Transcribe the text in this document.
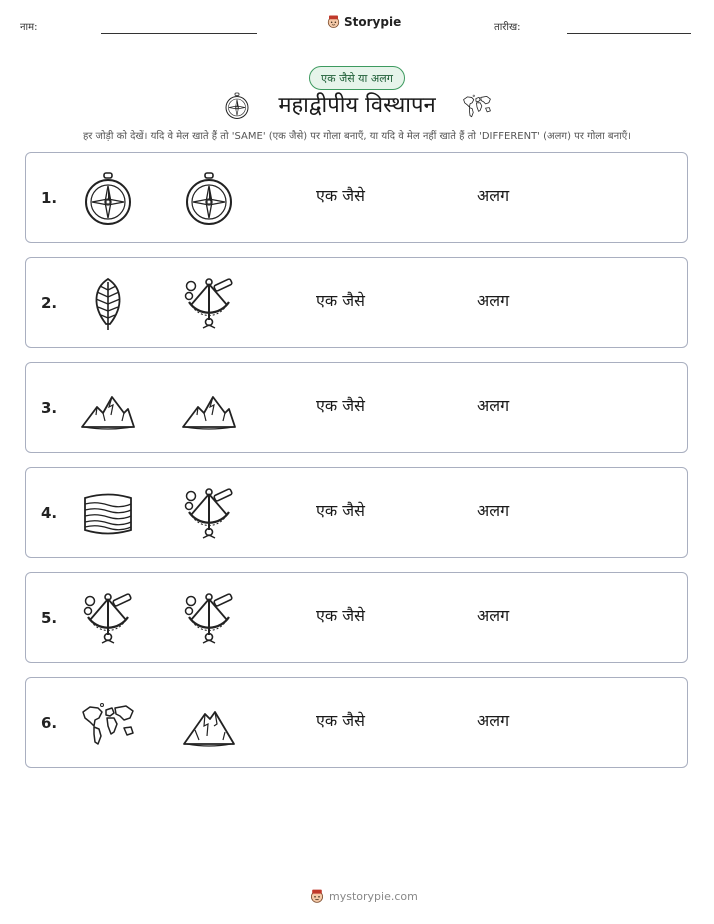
नाम:	Storypie	तारीख:
एक जैसे या अलग
महाद्वीपीय विस्थापन
हर जोड़ी को देखें। यदि वे मेल खाते हैं तो 'SAME' (एक जैसे) पर गोला बनाएँ, या यदि वे मेल नहीं खाते हैं तो 'DIFFERENT' (अलग) पर गोला बनाएँ।
1.	एक जैसे	अलग
2.	एक जैसे	अलग
3.	एक जैसे	अलग
4.	एक जैसे	अलग
5.	एक जैसे	अलग
6.	एक जैसे	अलग
mystorypie.com
